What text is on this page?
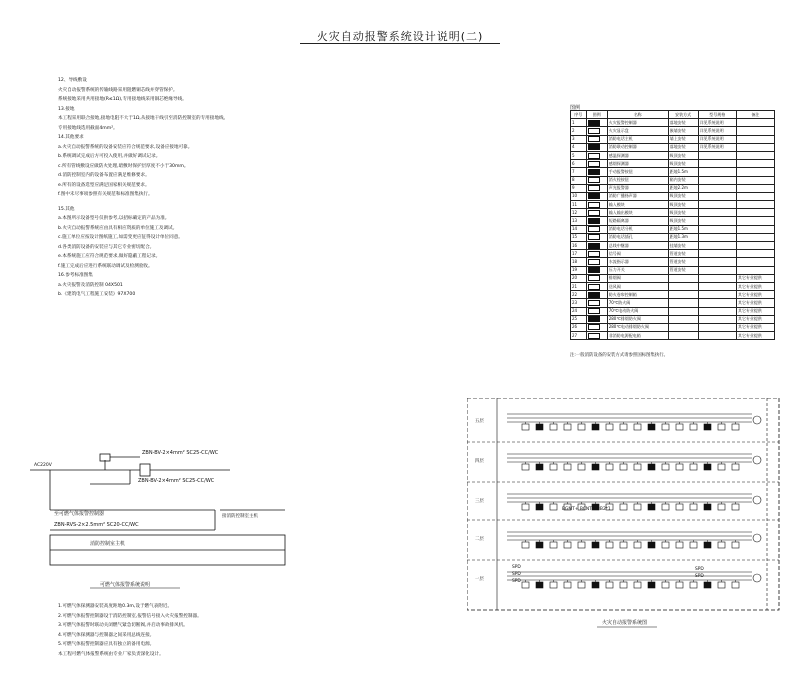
火灾自动报警系统设计说明(二)
12、导线敷设
火灾自动报警系统的传输线路采用阻燃铜芯线并穿管保护。
系统接地采用共用接地(R≤1Ω),专用接地线采用铜芯绝缘导线。
13.接地
本工程采用联合接地,接地电阻不大于1Ω,从接地干线引至消防控制室的专用接地线。
专用接地线选用截面4mm²。
14.其他要求
a.火灾自动报警系统的设备安装应符合规范要求,设备应接地可靠。
b.系统调试完成后方可投入使用,并做好调试记录。
c.所有管线敷设应做防火处理,暗敷时保护层厚度不小于30mm。
d.消防控制室内的设备布置应满足维修要求。
e.所有的设备选型应满足国家相关规范要求。
f.图中未尽事项参照有关规范和标准图集执行。
15.其他
a.本图所示设备型号仅供参考,以招标确定的产品为准。
b.火灾自动报警系统应由具有相应资质的单位施工及调试。
c.施工单位应按设计图纸施工,如需变更应征得设计单位同意。
d.各类消防设备的安装应与其它专业密切配合。
e.本系统施工应符合规范要求,做好隐蔽工程记录。
f.施工完成后应进行系统联动调试及检测验收。
16.参考标准图集
a.火灾报警及消防控制 04X501
b.《建筑电气工程施工安装》97X700
AC220V
ZBN-BV-2×4mm² SC25-CC/WC
ZBN-BV-2×4mm² SC25-CC/WC
至可燃气体报警控制器
ZBN-RVS-2×2.5mm² SC20-CC/WC
接消防控制室主机
消防控制室主机
可燃气体报警系统说明
1.可燃气体探测器安装高度距地0.3m,设于燃气表附近。
2.可燃气体报警控制器设于消防控制室,报警信号接入火灾报警控制器。
3.可燃气体报警时联动关闭燃气紧急切断阀,并启动事故排风机。
4.可燃气体探测器与控制器之间采用总线连接。
5.可燃气体报警控制器应具有独立的备用电源。
本工程可燃气体报警系统由专业厂家负责深化设计。
图例
序号	图例	名称	安装方式	型号规格	备注
1		火灾报警控制器	落地安装	详见系统说明	
2		火灾显示盘	嵌墙安装	详见系统说明	
3		消防电话主机	墙上安装	详见系统说明	
4		消防联动控制器	落地安装	详见系统说明	
5		感温探测器	吸顶安装		
6		感烟探测器	吸顶安装		
7		手动报警按钮	距地1.5m		
8		消火栓按钮	箱内安装		
9		声光报警器	距地2.2m		
10		消防广播扬声器	吸顶安装		
11		输入模块	吸顶安装		
12		输入输出模块	吸顶安装		
13		短路隔离器	吸顶安装		
14		消防电话分机	距地1.5m		
15		消防电话插孔	距地1.3m		
16		总线中继器	挂墙安装		
17		信号阀	管道安装		
18		水流指示器	管道安装		
19		压力开关	管道安装		
20		排烟阀			其它专业提供
21		送风阀			其它专业提供
22		防火卷帘控制箱			其它专业提供
23		70℃防火阀			其它专业提供
24		70℃电动防火阀			其它专业提供
25		280℃排烟防火阀			其它专业提供
26		280℃电动排烟防火阀			其它专业提供
27		非消防电源配电箱			其它专业提供
注:一般消防设备的安装方式请参照国标图集执行。
五层
四层
三层
二层
一层
SPD
SPD
SPD
SPD
SPD
BGMT+ BCNT+ BB2*1
火灾自动报警系统图
